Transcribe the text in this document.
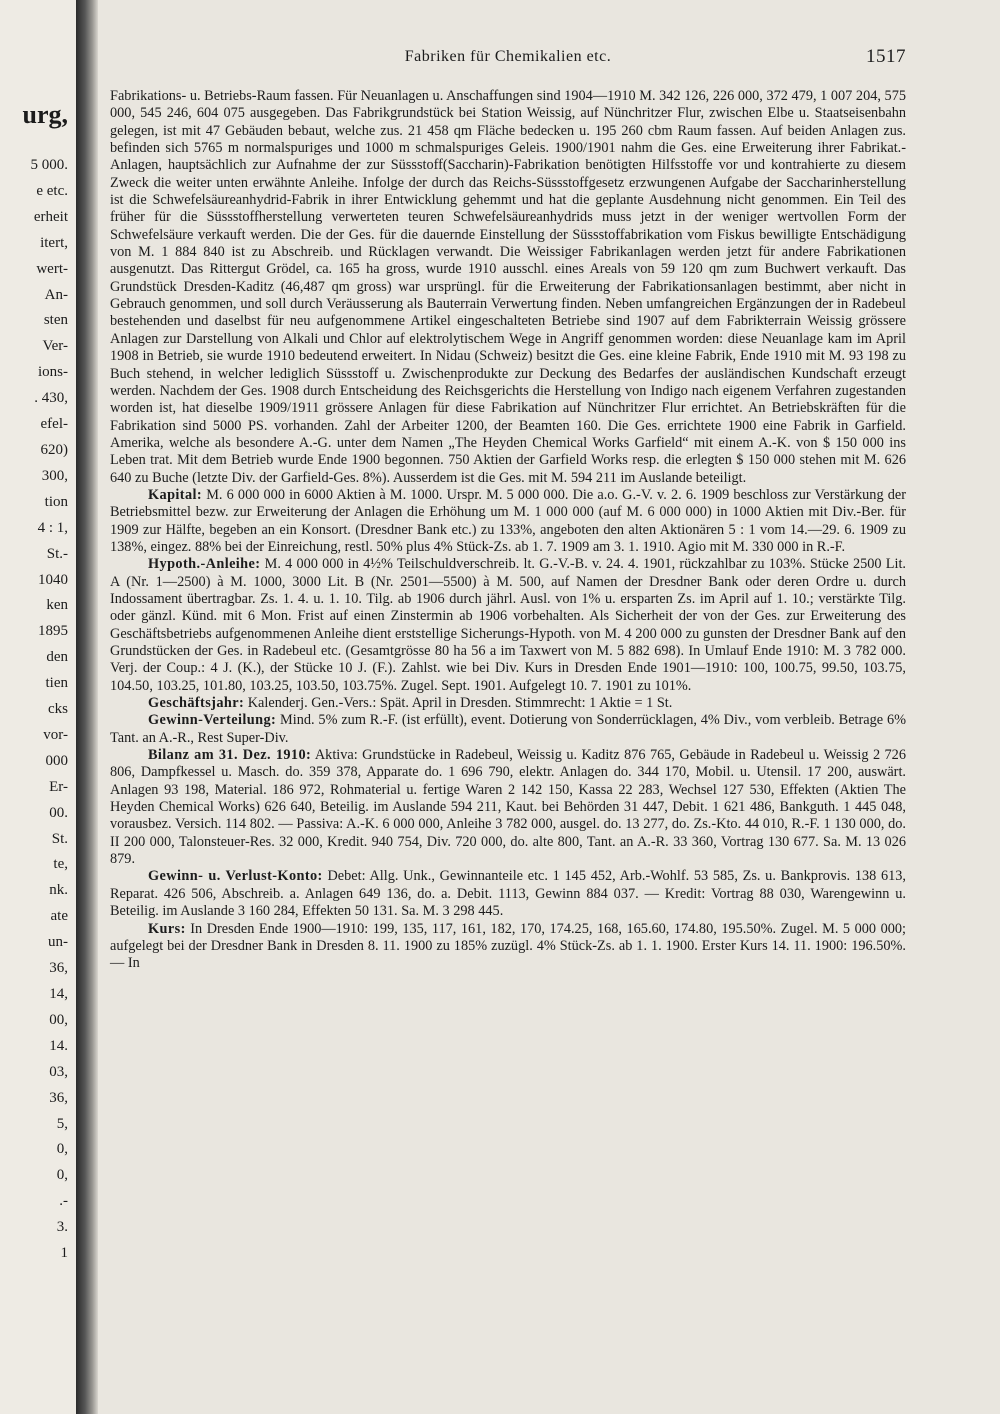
urg,
5 000.
e etc.
erheit
itert,
wert-
An-
sten
Ver-
ions-
. 430,
efel-
620)
300,
tion
4 : 1,
St.-
1040
ken
1895
den
tien
cks
vor-
000
Er-
00.
St.
te,
nk.
ate
un-
36,
14,
00,
14.
03,
36,
5,
0,
0,
.-
3.
1
Fabriken für Chemikalien etc.	1517

Fabrikations- u. Betriebs-Raum fassen. Für Neuanlagen u. Anschaffungen sind 1904—1910 M. 342 126, 226 000, 372 479, 1 007 204, 575 000, 545 246, 604 075 ausgegeben. Das Fabrikgrundstück bei Station Weissig, auf Nünchritzer Flur, zwischen Elbe u. Staatseisenbahn gelegen, ist mit 47 Gebäuden bebaut, welche zus. 21 458 qm Fläche bedecken u. 195 260 cbm Raum fassen. Auf beiden Anlagen zus. befinden sich 5765 m normalspuriges und 1000 m schmalspuriges Geleis. 1900/1901 nahm die Ges. eine Erweiterung ihrer Fabrikat.-Anlagen, hauptsächlich zur Aufnahme der zur Süssstoff(Saccharin)-Fabrikation benötigten Hilfsstoffe vor und kontrahierte zu diesem Zweck die weiter unten erwähnte Anleihe. Infolge der durch das Reichs-Süssstoffgesetz erzwungenen Aufgabe der Saccharinherstellung ist die Schwefelsäureanhydrid-Fabrik in ihrer Entwicklung gehemmt und hat die geplante Ausdehnung nicht genommen. Ein Teil des früher für die Süssstoffherstellung verwerteten teuren Schwefelsäureanhydrids muss jetzt in der weniger wertvollen Form der Schwefelsäure verkauft werden. Die der Ges. für die dauernde Einstellung der Süssstoffabrikation vom Fiskus bewilligte Entschädigung von M. 1 884 840 ist zu Abschreib. und Rücklagen verwandt. Die Weissiger Fabrikanlagen werden jetzt für andere Fabrikationen ausgenutzt. Das Rittergut Grödel, ca. 165 ha gross, wurde 1910 ausschl. eines Areals von 59 120 qm zum Buchwert verkauft. Das Grundstück Dresden-Kaditz (46,487 qm gross) war ursprüngl. für die Erweiterung der Fabrikationsanlagen bestimmt, aber nicht in Gebrauch genommen, und soll durch Veräusserung als Bauterrain Verwertung finden. Neben umfangreichen Ergänzungen der in Radebeul bestehenden und daselbst für neu aufgenommene Artikel eingeschalteten Betriebe sind 1907 auf dem Fabrikterrain Weissig grössere Anlagen zur Darstellung von Alkali und Chlor auf elektrolytischem Wege in Angriff genommen worden: diese Neuanlage kam im April 1908 in Betrieb, sie wurde 1910 bedeutend erweitert. In Nidau (Schweiz) besitzt die Ges. eine kleine Fabrik, Ende 1910 mit M. 93 198 zu Buch stehend, in welcher lediglich Süssstoff u. Zwischenprodukte zur Deckung des Bedarfes der ausländischen Kundschaft erzeugt werden. Nachdem der Ges. 1908 durch Entscheidung des Reichsgerichts die Herstellung von Indigo nach eigenem Verfahren zugestanden worden ist, hat dieselbe 1909/1911 grössere Anlagen für diese Fabrikation auf Nünchritzer Flur errichtet. An Betriebskräften für die Fabrikation sind 5000 PS. vorhanden. Zahl der Arbeiter 1200, der Beamten 160. Die Ges. errichtete 1900 eine Fabrik in Garfield. Amerika, welche als besondere A.-G. unter dem Namen „The Heyden Chemical Works Garfield“ mit einem A.-K. von $ 150 000 ins Leben trat. Mit dem Betrieb wurde Ende 1900 begonnen. 750 Aktien der Garfield Works resp. die erlegten $ 150 000 stehen mit M. 626 640 zu Buche (letzte Div. der Garfield-Ges. 8%). Ausserdem ist die Ges. mit M. 594 211 im Auslande beteiligt.

Kapital: M. 6 000 000 in 6000 Aktien à M. 1000. Urspr. M. 5 000 000. Die a.o. G.-V. v. 2. 6. 1909 beschloss zur Verstärkung der Betriebsmittel bezw. zur Erweiterung der Anlagen die Erhöhung um M. 1 000 000 (auf M. 6 000 000) in 1000 Aktien mit Div.-Ber. für 1909 zur Hälfte, begeben an ein Konsort. (Dresdner Bank etc.) zu 133%, angeboten den alten Aktionären 5 : 1 vom 14.—29. 6. 1909 zu 138%, eingez. 88% bei der Einreichung, restl. 50% plus 4% Stück-Zs. ab 1. 7. 1909 am 3. 1. 1910. Agio mit M. 330 000 in R.-F.

Hypoth.-Anleihe: M. 4 000 000 in 4½% Teilschuldverschreib. lt. G.-V.-B. v. 24. 4. 1901, rückzahlbar zu 103%. Stücke 2500 Lit. A (Nr. 1—2500) à M. 1000, 3000 Lit. B (Nr. 2501—5500) à M. 500, auf Namen der Dresdner Bank oder deren Ordre u. durch Indossament übertragbar. Zs. 1. 4. u. 1. 10. Tilg. ab 1906 durch jährl. Ausl. von 1% u. ersparten Zs. im April auf 1. 10.; verstärkte Tilg. oder gänzl. Künd. mit 6 Mon. Frist auf einen Zinstermin ab 1906 vorbehalten. Als Sicherheit der von der Ges. zur Erweiterung des Geschäftsbetriebs aufgenommenen Anleihe dient erststellige Sicherungs-Hypoth. von M. 4 200 000 zu gunsten der Dresdner Bank auf den Grundstücken der Ges. in Radebeul etc. (Gesamtgrösse 80 ha 56 a im Taxwert von M. 5 882 698). In Umlauf Ende 1910: M. 3 782 000. Verj. der Coup.: 4 J. (K.), der Stücke 10 J. (F.). Zahlst. wie bei Div. Kurs in Dresden Ende 1901—1910: 100, 100.75, 99.50, 103.75, 104.50, 103.25, 101.80, 103.25, 103.50, 103.75%. Zugel. Sept. 1901. Aufgelegt 10. 7. 1901 zu 101%.

Geschäftsjahr: Kalenderj. Gen.-Vers.: Spät. April in Dresden. Stimmrecht: 1 Aktie = 1 St.

Gewinn-Verteilung: Mind. 5% zum R.-F. (ist erfüllt), event. Dotierung von Sonderrücklagen, 4% Div., vom verbleib. Betrage 6% Tant. an A.-R., Rest Super-Div.

Bilanz am 31. Dez. 1910: Aktiva: Grundstücke in Radebeul, Weissig u. Kaditz 876 765, Gebäude in Radebeul u. Weissig 2 726 806, Dampfkessel u. Masch. do. 359 378, Apparate do. 1 696 790, elektr. Anlagen do. 344 170, Mobil. u. Utensil. 17 200, auswärt. Anlagen 93 198, Material. 186 972, Rohmaterial u. fertige Waren 2 142 150, Kassa 22 283, Wechsel 127 530, Effekten (Aktien The Heyden Chemical Works) 626 640, Beteilig. im Auslande 594 211, Kaut. bei Behörden 31 447, Debit. 1 621 486, Bankguth. 1 445 048, vorausbez. Versich. 114 802. — Passiva: A.-K. 6 000 000, Anleihe 3 782 000, ausgel. do. 13 277, do. Zs.-Kto. 44 010, R.-F. 1 130 000, do. II 200 000, Talonsteuer-Res. 32 000, Kredit. 940 754, Div. 720 000, do. alte 800, Tant. an A.-R. 33 360, Vortrag 130 677. Sa. M. 13 026 879.

Gewinn- u. Verlust-Konto: Debet: Allg. Unk., Gewinnanteile etc. 1 145 452, Arb.-Wohlf. 53 585, Zs. u. Bankprovis. 138 613, Reparat. 426 506, Abschreib. a. Anlagen 649 136, do. a. Debit. 1113, Gewinn 884 037. — Kredit: Vortrag 88 030, Warengewinn u. Beteilig. im Auslande 3 160 284, Effekten 50 131. Sa. M. 3 298 445.

Kurs: In Dresden Ende 1900—1910: 199, 135, 117, 161, 182, 170, 174.25, 168, 165.60, 174.80, 195.50%. Zugel. M. 5 000 000; aufgelegt bei der Dresdner Bank in Dresden 8. 11. 1900 zu 185% zuzügl. 4% Stück-Zs. ab 1. 1. 1900. Erster Kurs 14. 11. 1900: 196.50%. — In
